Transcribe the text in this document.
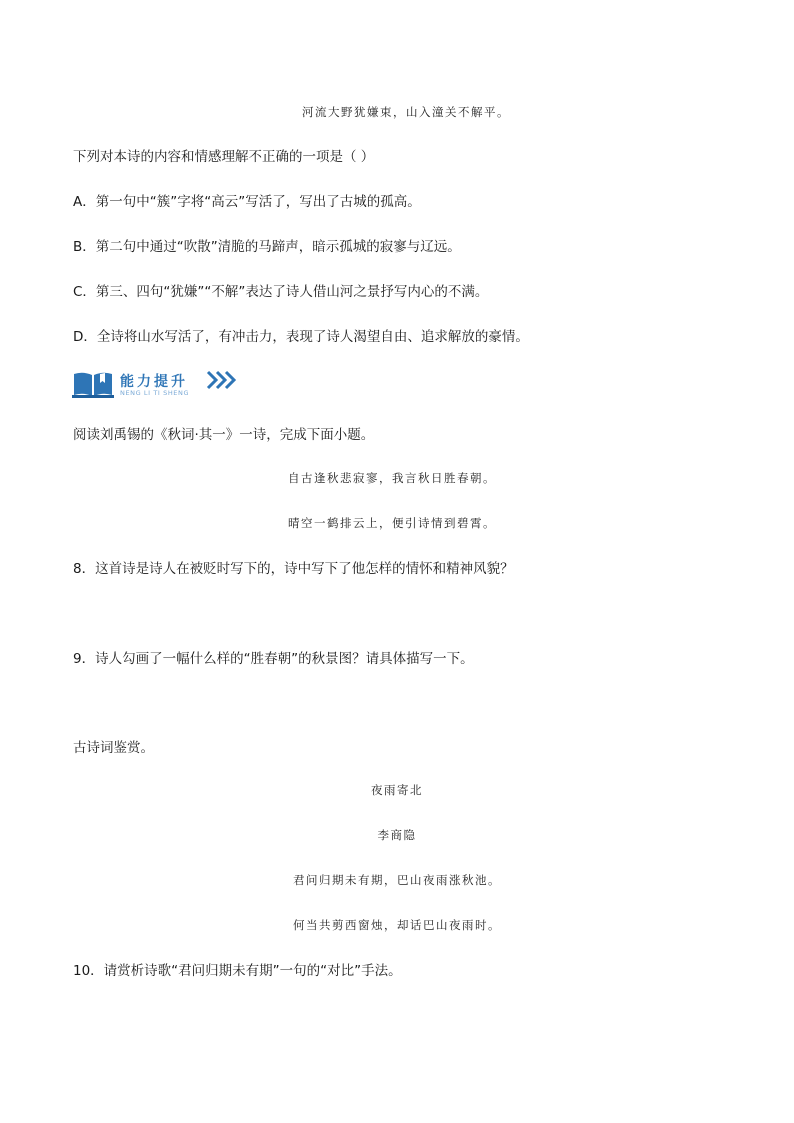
河流大野犹嫌束，山入潼关不解平。
下列对本诗的内容和情感理解不正确的一项是（ ）
A．第一句中“簇”字将“高云”写活了，写出了古城的孤高。
B．第二句中通过“吹散”清脆的马蹄声，暗示孤城的寂寥与辽远。
C．第三、四句“犹嫌”“不解”表达了诗人借山河之景抒写内心的不满。
D．全诗将山水写活了，有冲击力，表现了诗人渴望自由、追求解放的豪情。
能力提升
NENG LI TI SHENG
阅读刘禹锡的《秋词·其一》一诗，完成下面小题。
自古逢秋悲寂寥，我言秋日胜春朝。
晴空一鹤排云上，便引诗情到碧霄。
8．这首诗是诗人在被贬时写下的，诗中写下了他怎样的情怀和精神风貌？
9．诗人勾画了一幅什么样的“胜春朝”的秋景图？请具体描写一下。
古诗词鉴赏。
夜雨寄北
李商隐
君问归期未有期，巴山夜雨涨秋池。
何当共剪西窗烛，却话巴山夜雨时。
10．请赏析诗歌“君问归期未有期”一句的“对比”手法。
